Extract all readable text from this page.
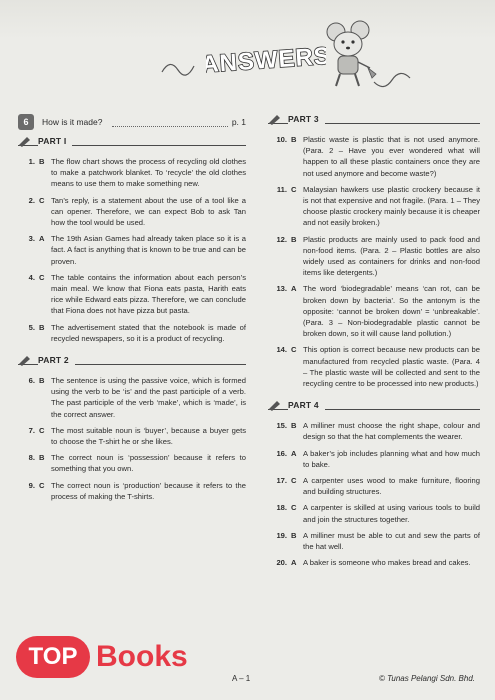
ANSWERS
6	How is it made?	p. 1
PART I
1. B The flow chart shows the process of recycling old clothes to make a patchwork blanket. To ‘recycle’ the old clothes means to use them to make something new.
2. C Tan’s reply, is a statement about the use of a tool like a can opener. Therefore, we can expect Bob to ask Tan how the tool would be used.
3. A The 19th Asian Games had already taken place so it is a fact. A fact is anything that is known to be true and can be proven.
4. C The table contains the information about each person’s main meal. We know that Fiona eats pasta, Harith eats rice while Edward eats pizza. Therefore, we can conclude that Fiona does not have pizza but pasta.
5. B The advertisement stated that the notebook is made of recycled newspapers, so it is a product of recycling.
PART 2
6. B The sentence is using the passive voice, which is formed using the verb to be ‘is’ and the past participle of a verb. The past participle of the verb ‘make’, which is ‘made’, is the correct answer.
7. C The most suitable noun is ‘buyer’, because a buyer gets to choose the T-shirt he or she likes.
8. B The correct noun is ‘possession’ because it refers to something that you own.
9. C The correct noun is ‘production’ because it refers to the process of making the T-shirts.
PART 3
10. B Plastic waste is plastic that is not used anymore. (Para. 2 – Have you ever wondered what will happen to all these plastic containers once they are not used anymore and become waste?)
11. C Malaysian hawkers use plastic crockery because it is not that expensive and not fragile. (Para. 1 – They choose plastic crockery mainly because it is cheaper and not easily broken.)
12. B Plastic products are mainly used to pack food and non-food items. (Para. 2 – Plastic bottles are also widely used as containers for drinks and non-food items like detergents.)
13. A The word ‘biodegradable’ means ‘can rot, can be broken down by bacteria’. So the antonym is the opposite: ‘cannot be broken down’ = ‘unbreakable’. (Para. 3 – Non-biodegradable plastic cannot be broken down, so it will cause land pollution.)
14. C This option is correct because new products can be manufactured from recycled plastic waste. (Para. 4 – The plastic waste will be collected and sent to the recycling centre to be processed into new products.)
PART 4
15. B A milliner must choose the right shape, colour and design so that the hat complements the wearer.
16. A A baker’s job includes planning what and how much to bake.
17. C A carpenter uses wood to make furniture, flooring and building structures.
18. C A carpenter is skilled at using various tools to build and join the structures together.
19. B A milliner must be able to cut and sew the parts of the hat well.
20. A A baker is someone who makes bread and cakes.
TOP Books
A – 1	© Tunas Pelangi Sdn. Bhd.
